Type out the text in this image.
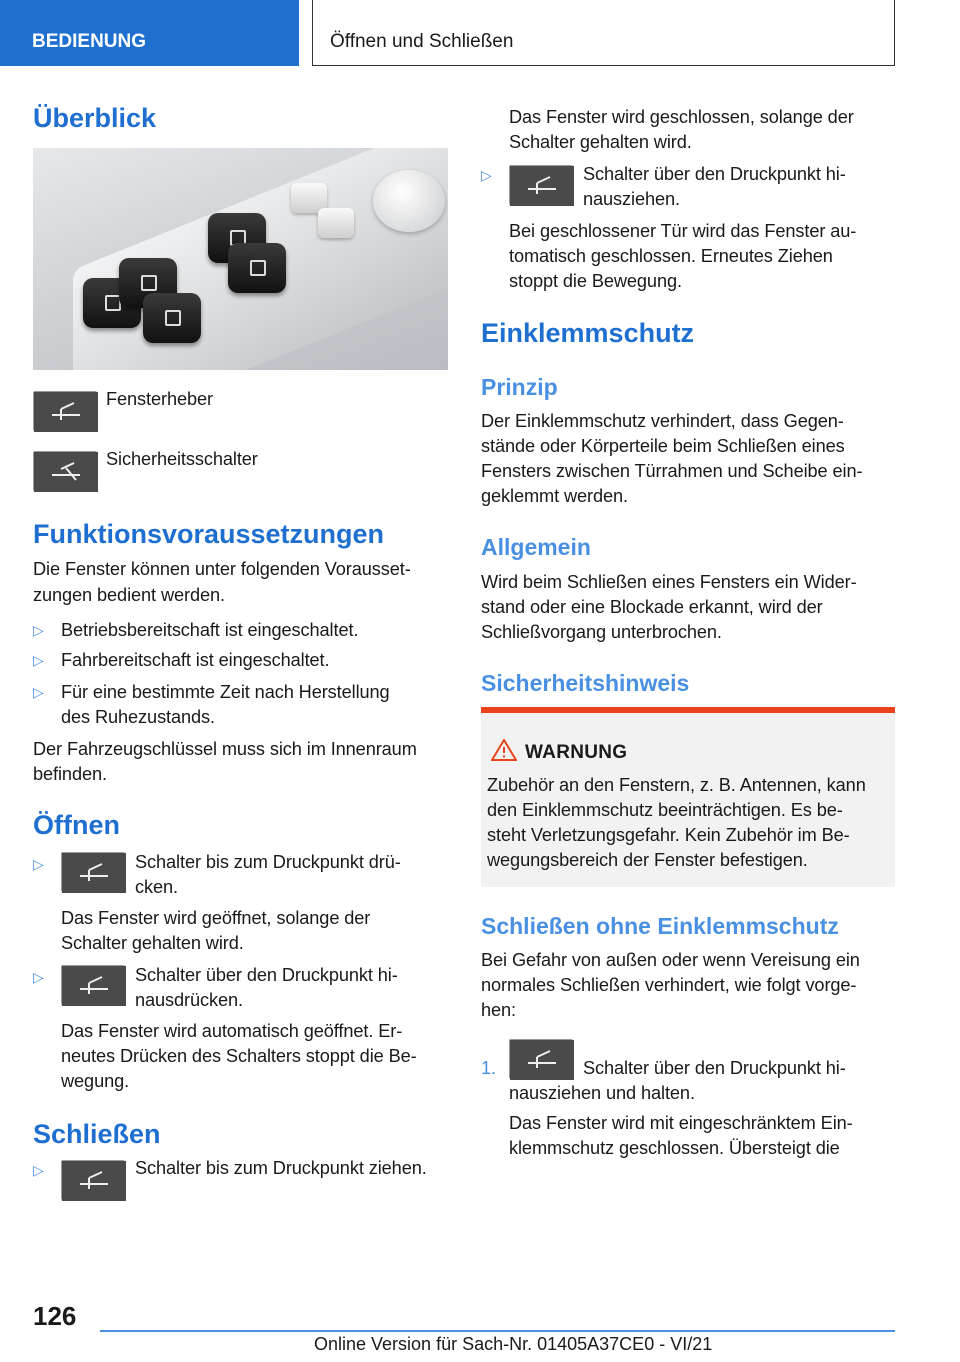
BEDIENUNG	Öffnen und Schließen
Überblick

Fensterheber

Sicherheitsschalter

Funktionsvoraussetzungen

Die Fenster können unter folgenden Vorausset-

zungen bedient werden.

▷ Betriebsbereitschaft ist eingeschaltet.

▷ Fahrbereitschaft ist eingeschaltet.

▷ Für eine bestimmte Zeit nach Herstellung

des Ruhezustands.

Der Fahrzeugschlüssel muss sich im Innenraum

befinden.

Öffnen
▷	Schalter bis zum Druckpunkt drü-

cken.

Das Fenster wird geöffnet, solange der

Schalter gehalten wird.

▷	Schalter über den Druckpunkt hi-

nausdrücken.

Das Fenster wird automatisch geöffnet. Er-

neutes Drücken des Schalters stoppt die Be-

wegung.

Schließen
▷	Schalter bis zum Druckpunkt ziehen.

Das Fenster wird geschlossen, solange der

Schalter gehalten wird.

▷	Schalter über den Druckpunkt hi-

nausziehen.

Bei geschlossener Tür wird das Fenster au-

tomatisch geschlossen. Erneutes Ziehen

stoppt die Bewegung.

Einklemmschutz
Prinzip

Der Einklemmschutz verhindert, dass Gegen-

stände oder Körperteile beim Schließen eines

Fensters zwischen Türrahmen und Scheibe ein-

geklemmt werden.

Allgemein

Wird beim Schließen eines Fensters ein Wider-

stand oder eine Blockade erkannt, wird der

Schließvorgang unterbrochen.

Sicherheitshinweis
WARNUNG

Zubehör an den Fenstern, z. B. Antennen, kann

den Einklemmschutz beeinträchtigen. Es be-

steht Verletzungsgefahr. Kein Zubehör im Be-

wegungsbereich der Fenster befestigen.

Schließen ohne Einklemmschutz

Bei Gefahr von außen oder wenn Vereisung ein

normales Schließen verhindert, wie folgt vorge-

hen:

1.	Schalter über den Druckpunkt hi-

nausziehen und halten.

Das Fenster wird mit eingeschränktem Ein-

klemmschutz geschlossen. Übersteigt die

126
Online Version für Sach-Nr. 01405A37CE0 - VI/21
